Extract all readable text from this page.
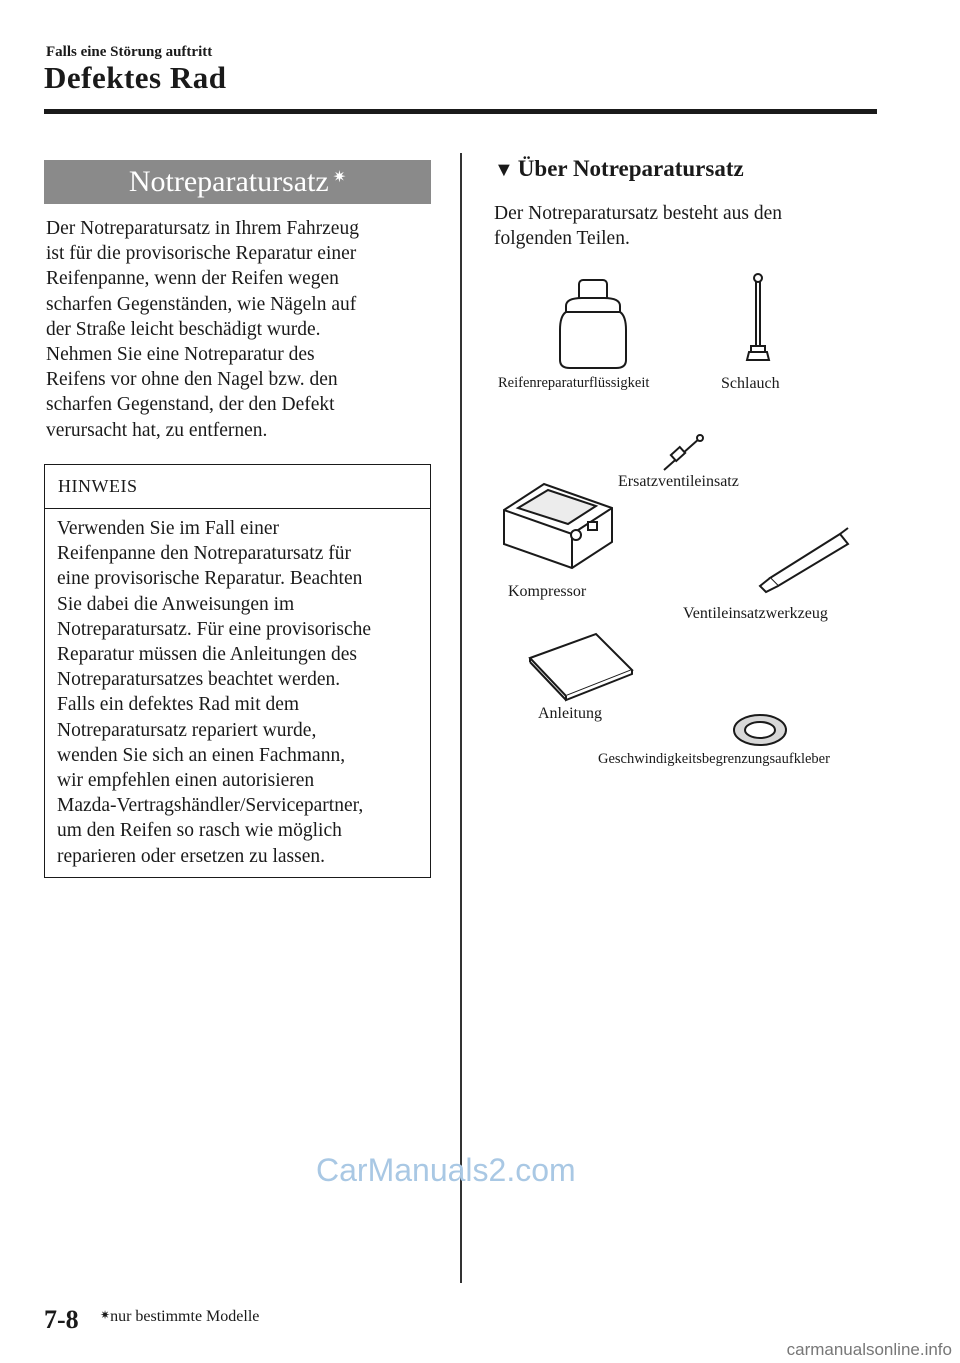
Falls eine Störung auftritt
Defektes Rad
Notreparatursatz ✷
Der Notreparatursatz in Ihrem Fahrzeug
ist für die provisorische Reparatur einer
Reifenpanne, wenn der Reifen wegen
scharfen Gegenständen, wie Nägeln auf
der Straße leicht beschädigt wurde.
Nehmen Sie eine Notreparatur des
Reifens vor ohne den Nagel bzw. den
scharfen Gegenstand, der den Defekt
verursacht hat, zu entfernen.
HINWEIS
Verwenden Sie im Fall einer
Reifenpanne den Notreparatursatz für
eine provisorische Reparatur. Beachten
Sie dabei die Anweisungen im
Notreparatursatz. Für eine provisorische
Reparatur müssen die Anleitungen des
Notreparatursatzes beachtet werden.
Falls ein defektes Rad mit dem
Notreparatursatz repariert wurde,
wenden Sie sich an einen Fachmann,
wir empfehlen einen autorisieren
Mazda-Vertragshändler/Servicepartner,
um den Reifen so rasch wie möglich
reparieren oder ersetzen zu lassen.
▼ Über Notreparatursatz
Der Notreparatursatz besteht aus den
folgenden Teilen.
Reifenreparaturflüssigkeit	Schlauch
Ersatzventileinsatz
Kompressor
Ventileinsatzwerkzeug
Anleitung
Geschwindigkeitsbegrenzungsaufkleber
7-8 ✷nur bestimmte Modelle
CarManuals2.com
carmanualsonline.info
